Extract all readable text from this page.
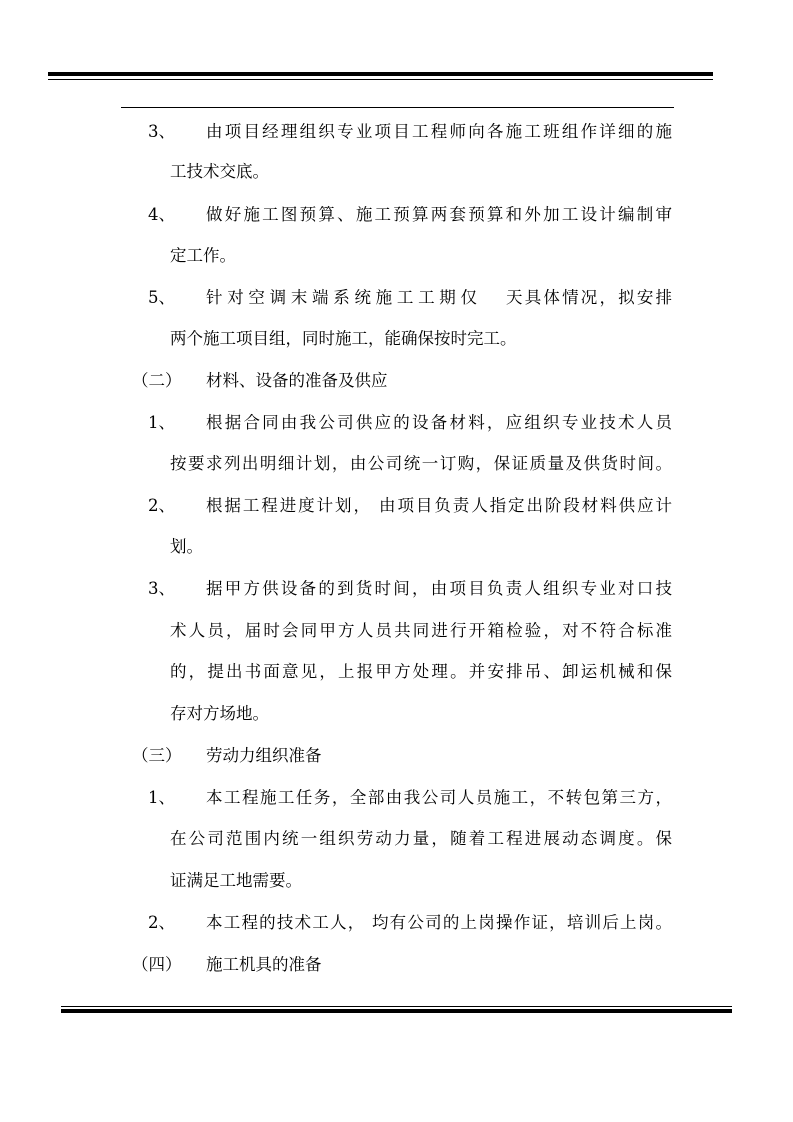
3、 由项目经理组织专业项目工程师向各施工班组作详细的施
工技术交底。
4、 做好施工图预算、施工预算两套预算和外加工设计编制审
定工作。
5、 针对空调末端系统施工工期仅 天具体情况，拟安排
两个施工项目组，同时施工，能确保按时完工。
（二） 材料、设备的准备及供应
1、 根据合同由我公司供应的设备材料，应组织专业技术人员
按要求列出明细计划，由公司统一订购，保证质量及供货时间。
2、 根据工程进度计划， 由项目负责人指定出阶段材料供应计
划。
3、 据甲方供设备的到货时间，由项目负责人组织专业对口技
术人员，届时会同甲方人员共同进行开箱检验，对不符合标准
的，提出书面意见，上报甲方处理。并安排吊、卸运机械和保
存对方场地。
（三） 劳动力组织准备
1、 本工程施工任务，全部由我公司人员施工，不转包第三方，
在公司范围内统一组织劳动力量，随着工程进展动态调度。保
证满足工地需要。
2、 本工程的技术工人， 均有公司的上岗操作证，培训后上岗。
（四） 施工机具的准备
